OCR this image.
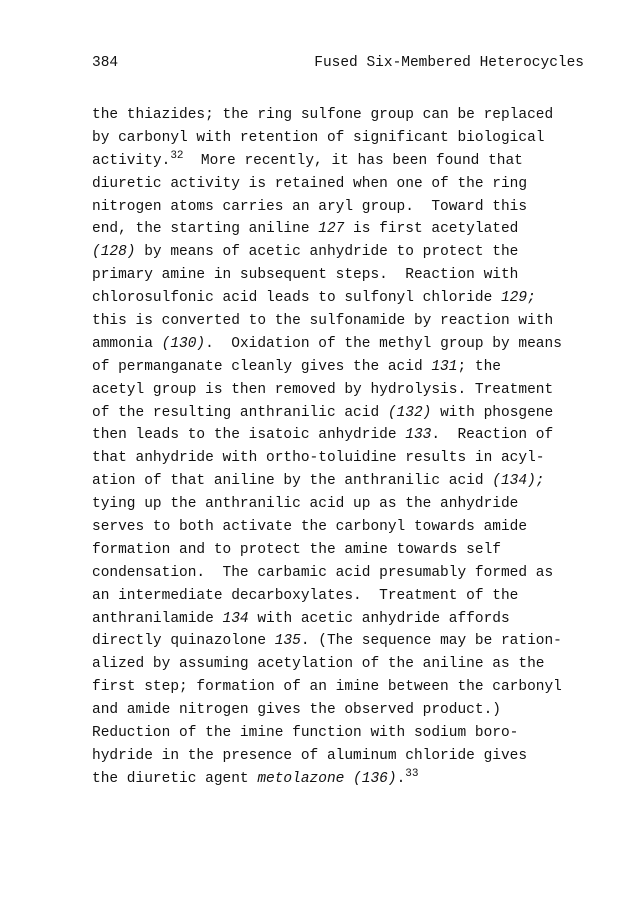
384	Fused Six-Membered Heterocycles
the thiazides; the ring sulfone group can be replaced
by carbonyl with retention of significant biological
activity.$^{32}$  More recently, it has been found that
diuretic activity is retained when one of the ring
nitrogen atoms carries an aryl group.  Toward this
end, the starting aniline 127 is first acetylated
(128) by means of acetic anhydride to protect the
primary amine in subsequent steps.  Reaction with
chlorosulfonic acid leads to sulfonyl chloride 129;
this is converted to the sulfonamide by reaction with
ammonia (130).  Oxidation of the methyl group by means
of permanganate cleanly gives the acid 131; the
acetyl group is then removed by hydrolysis. Treatment
of the resulting anthranilic acid (132) with phosgene
then leads to the isatoic anhydride 133.  Reaction of
that anhydride with ortho-toluidine results in acyl-
ation of that aniline by the anthranilic acid (134);
tying up the anthranilic acid up as the anhydride
serves to both activate the carbonyl towards amide
formation and to protect the amine towards self
condensation.  The carbamic acid presumably formed as
an intermediate decarboxylates.  Treatment of the
anthranilamide 134 with acetic anhydride affords
directly quinazolone 135. (The sequence may be ration-
alized by assuming acetylation of the aniline as the
first step; formation of an imine between the carbonyl
and amide nitrogen gives the observed product.)
Reduction of the imine function with sodium boro-
hydride in the presence of aluminum chloride gives
the diuretic agent metolazone (136).$^{33}$
